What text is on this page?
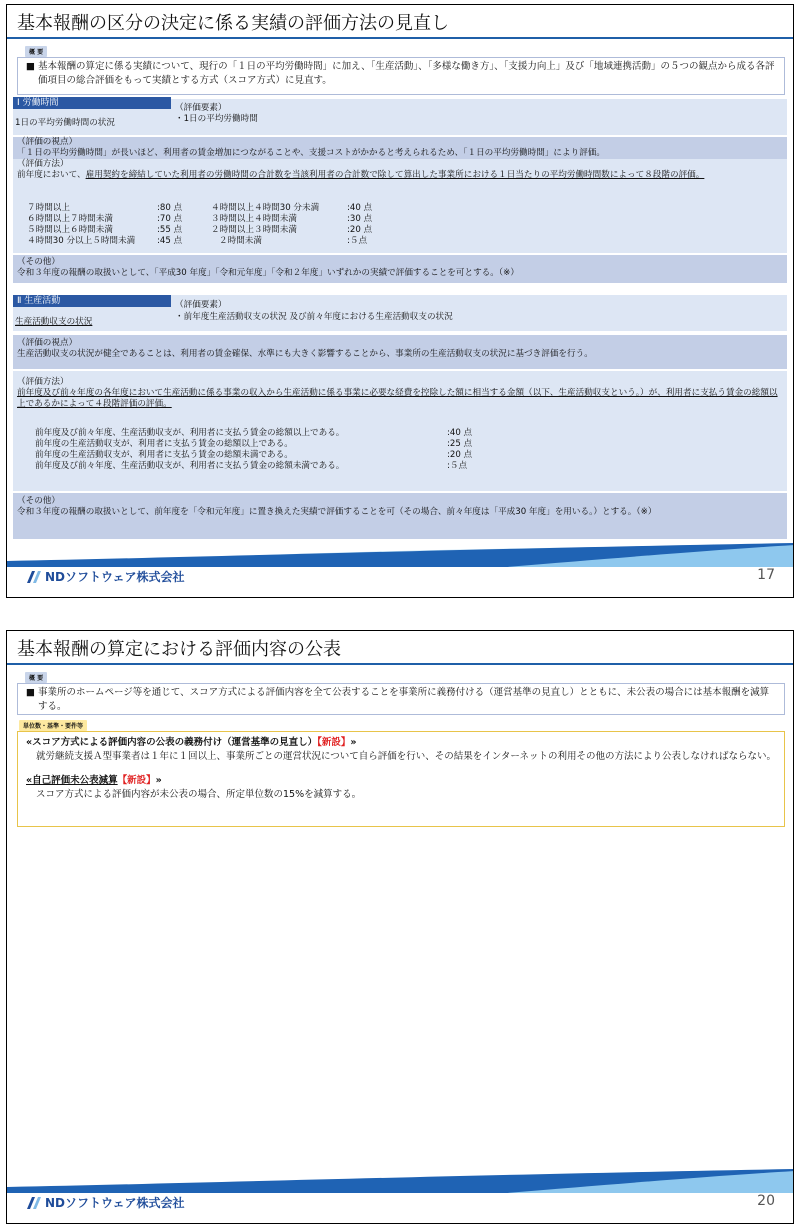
基本報酬の区分の決定に係る実績の評価方法の見直し
概 要
■ 基本報酬の算定に係る実績について、現行の「１日の平均労働時間」に加え、「生産活動」、「多様な働き方」、「支援力向上」及び「地域連携活動」の５つの観点から成る各評価項目の総合評価をもって実績とする方式（スコア方式）に見直す。
Ⅰ 労働時間
1日の平均労働時間の状況
（評価要素）
・1日の平均労働時間

（評価の視点）

「１日の平均労働時間」が長いほど、利用者の賃金増加につながることや、支援コストがかかると考えられるため、「１日の平均労働時間」により評価。

（評価方法）

前年度において、雇用契約を締結していた利用者の労働時間の合計数を当該利用者の合計数で除して算出した事業所における１日当たりの平均労働時間数によって８段階の評価。

７時間以上
６時間以上７時間未満
５時間以上６時間未満
４時間30 分以上５時間未満
:80 点
:70 点
:55 点
:45 点
４時間以上４時間30 分未満
３時間以上４時間未満
２時間以上３時間未満
２時間未満
:40 点
:30 点
:20 点
:５点

（その他）

令和３年度の報酬の取扱いとして、「平成30 年度」「令和元年度」「令和２年度」いずれかの実績で評価することを可とする。（※）

Ⅱ 生産活動
生産活動収支の状況
（評価要素）
・前年度生産活動収支の状況 及び前々年度における生産活動収支の状況

（評価の視点）

生産活動収支の状況が健全であることは、利用者の賃金確保、水準にも大きく影響することから、事業所の生産活動収支の状況に基づき評価を行う。

（評価方法）

前年度及び前々年度の各年度において生産活動に係る事業の収入から生産活動に係る事業に必要な経費を控除した額に相当する金額（以下、生産活動収支という。）が、利用者に支払う賃金の総額以上であるかによって４段階評価の評価。

前年度及び前々年度、生産活動収支が、利用者に支払う賃金の総額以上である。
前年度の生産活動収支が、利用者に支払う賃金の総額以上である。
前年度の生産活動収支が、利用者に支払う賃金の総額未満である。
前年度及び前々年度、生産活動収支が、利用者に支払う賃金の総額未満である。
:40 点
:25 点
:20 点
:５点

（その他）

令和３年度の報酬の取扱いとして、前年度を「令和元年度」に置き換えた実績で評価することを可（その場合、前々年度は「平成30 年度」を用いる。）とする。（※）

NDソフトウェア株式会社	17
基本報酬の算定における評価内容の公表
概 要
■ 事業所のホームページ等を通じて、スコア方式による評価内容を全て公表することを事業所に義務付ける（運営基準の見直し）とともに、未公表の場合には基本報酬を減算する。
単位数・基準・要件等
«スコア方式による評価内容の公表の義務付け（運営基準の見直し）【新設】»
就労継続支援Ａ型事業者は１年に１回以上、事業所ごとの運営状況について自ら評価を行い、その結果をインターネットの利用その他の方法により公表しなければならない。
«自己評価未公表減算【新設】»
スコア方式による評価内容が未公表の場合、所定単位数の15%を減算する。
NDソフトウェア株式会社	20
